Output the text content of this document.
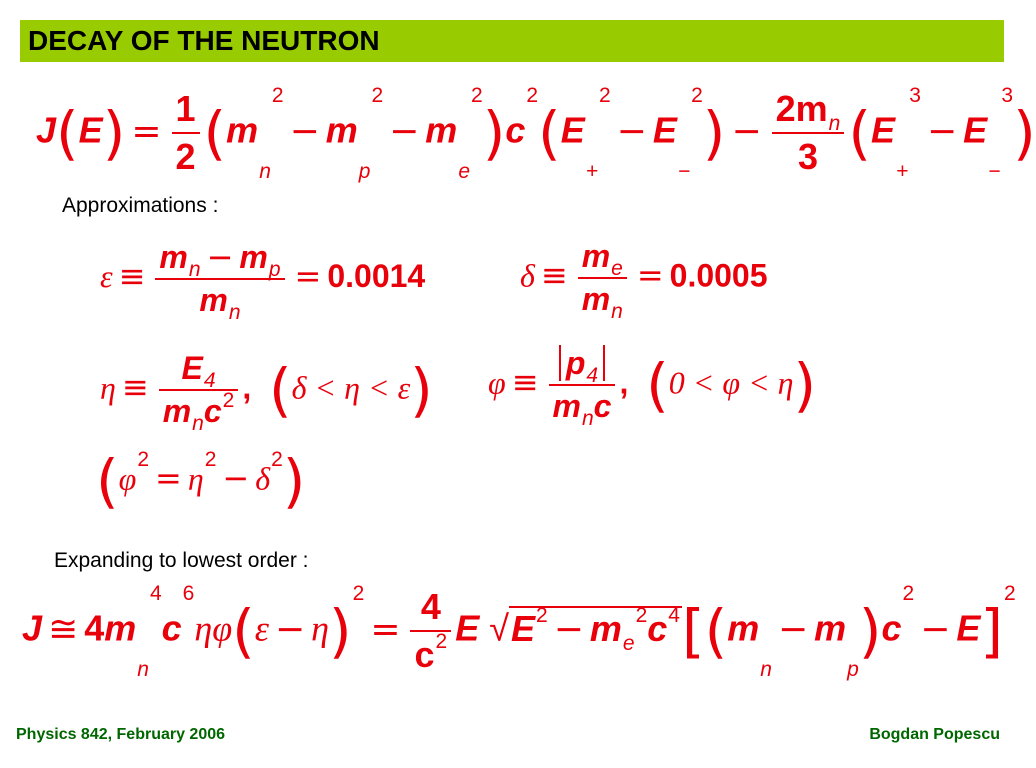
DECAY OF THE NEUTRON
$J(E) = \frac{1}{2} (m_n^2- m_p^2- m_e^2)c^2(E_+^2- E_-^2) - \frac{2m_n}{3} (E_+^3- E_-^3)$
Approximations :
$\varepsilon \equiv \frac{m_n - m_p}{m_n} = 0.0014$	$\delta \equiv \frac{m_e}{m_n} = 0.0005$
$\eta \equiv \frac{E_4}{m_nc^2}$ , (δ < η < ε) $\varphi \equiv \frac{p_4}{m_nc}$ , (0 < φ < η)
$(\varphi^2 = \eta^2 - \delta^2)$
Expanding to lowest order :
J ≅ $4m_n^4c^6\eta\varphi(\varepsilon - \eta)^2= \frac{4}{c^2}$ E $√E^2 - m_e^2c^4[(m_n- m_p)c^2- E]^2$
Physics 842, February 2006	Bogdan Popescu
